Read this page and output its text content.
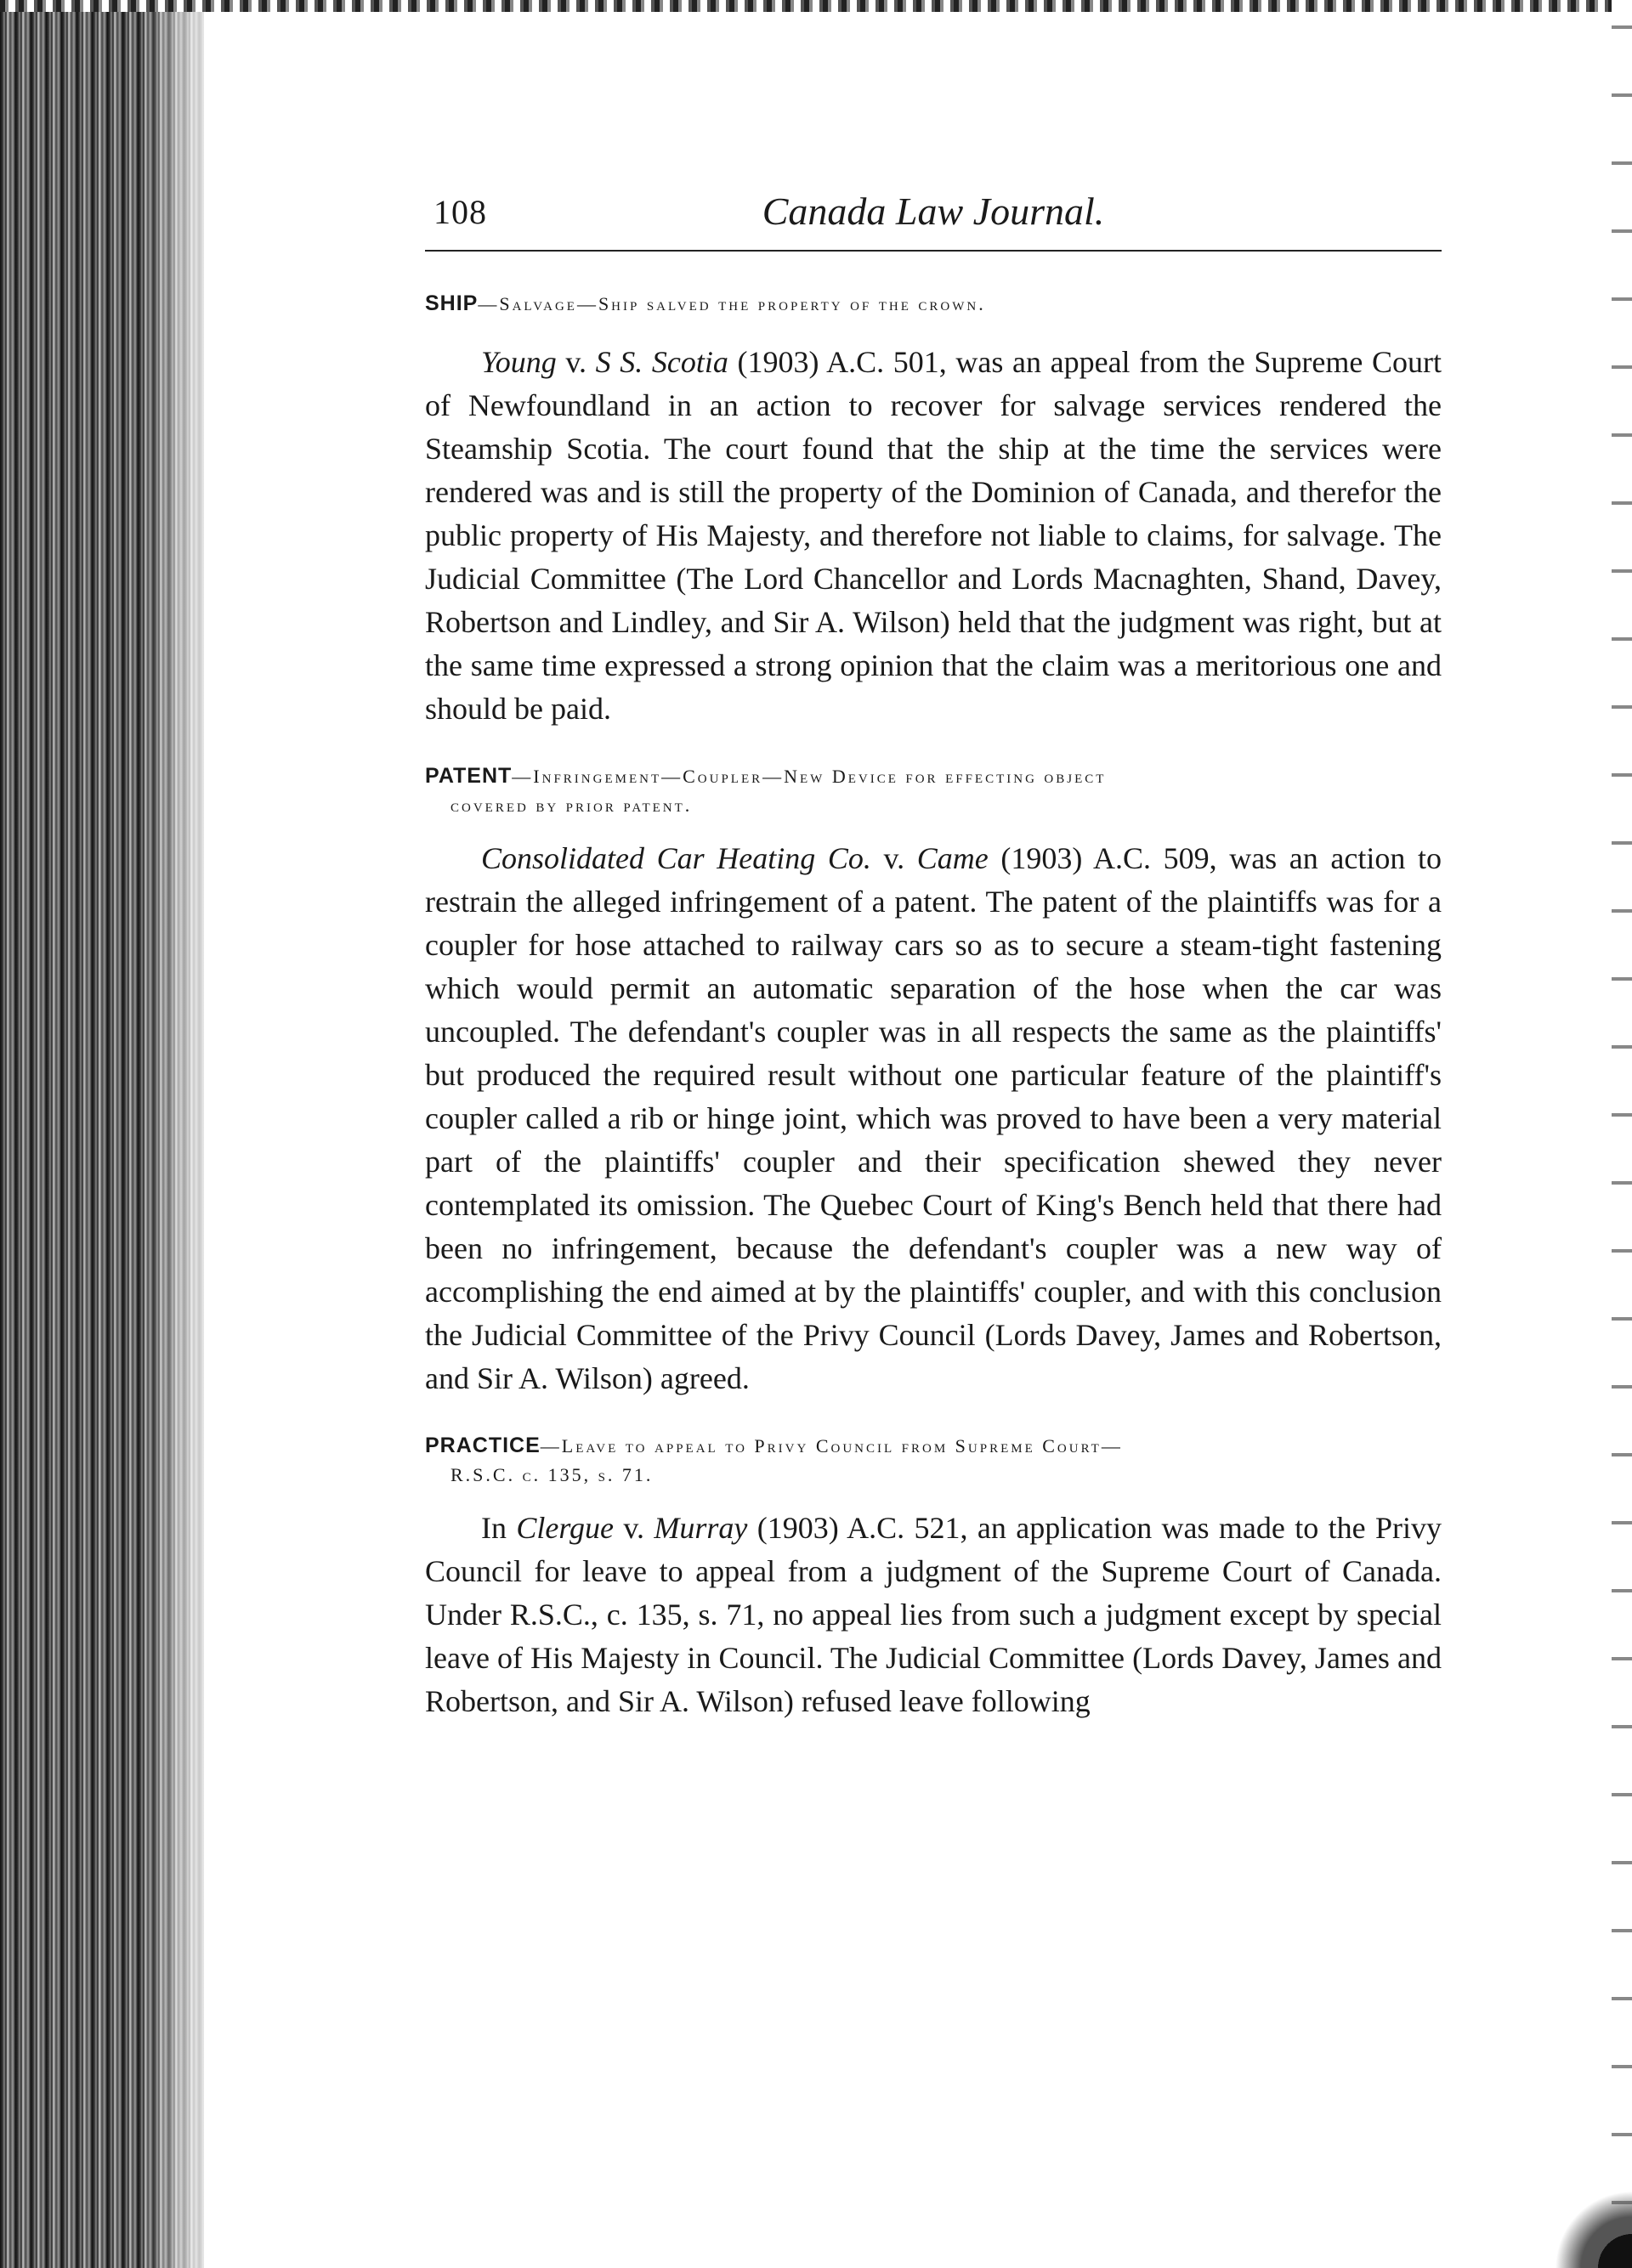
108	Canada Law Journal.

SHIP—Salvage—Ship salved the property of the crown.

Young v. S S. Scotia (1903) A.C. 501, was an appeal from the Supreme Court of Newfoundland in an action to recover for salvage services rendered the Steamship Scotia. The court found that the ship at the time the services were rendered was and is still the property of the Dominion of Canada, and therefor the public property of His Majesty, and therefore not liable to claims, for salvage. The Judicial Committee (The Lord Chancellor and Lords Macnaghten, Shand, Davey, Robertson and Lindley, and Sir A. Wilson) held that the judgment was right, but at the same time expressed a strong opinion that the claim was a meritorious one and should be paid.

PATENT—Infringement—Coupler—New Device for effecting object
covered by prior patent.

Consolidated Car Heating Co. v. Came (1903) A.C. 509, was an action to restrain the alleged infringement of a patent. The patent of the plaintiffs was for a coupler for hose attached to railway cars so as to secure a steam-tight fastening which would permit an automatic separation of the hose when the car was uncoupled. The defendant's coupler was in all respects the same as the plaintiffs' but produced the required result without one particular feature of the plaintiff's coupler called a rib or hinge joint, which was proved to have been a very material part of the plaintiffs' coupler and their specification shewed they never contemplated its omission. The Quebec Court of King's Bench held that there had been no infringement, because the defendant's coupler was a new way of accomplishing the end aimed at by the plaintiffs' coupler, and with this conclusion the Judicial Committee of the Privy Council (Lords Davey, James and Robertson, and Sir A. Wilson) agreed.

PRACTICE—Leave to appeal to Privy Council from Supreme Court—
R.S.C. c. 135, s. 71.

In Clergue v. Murray (1903) A.C. 521, an application was made to the Privy Council for leave to appeal from a judgment of the Supreme Court of Canada. Under R.S.C., c. 135, s. 71, no appeal lies from such a judgment except by special leave of His Majesty in Council. The Judicial Committee (Lords Davey, James and Robertson, and Sir A. Wilson) refused leave following
